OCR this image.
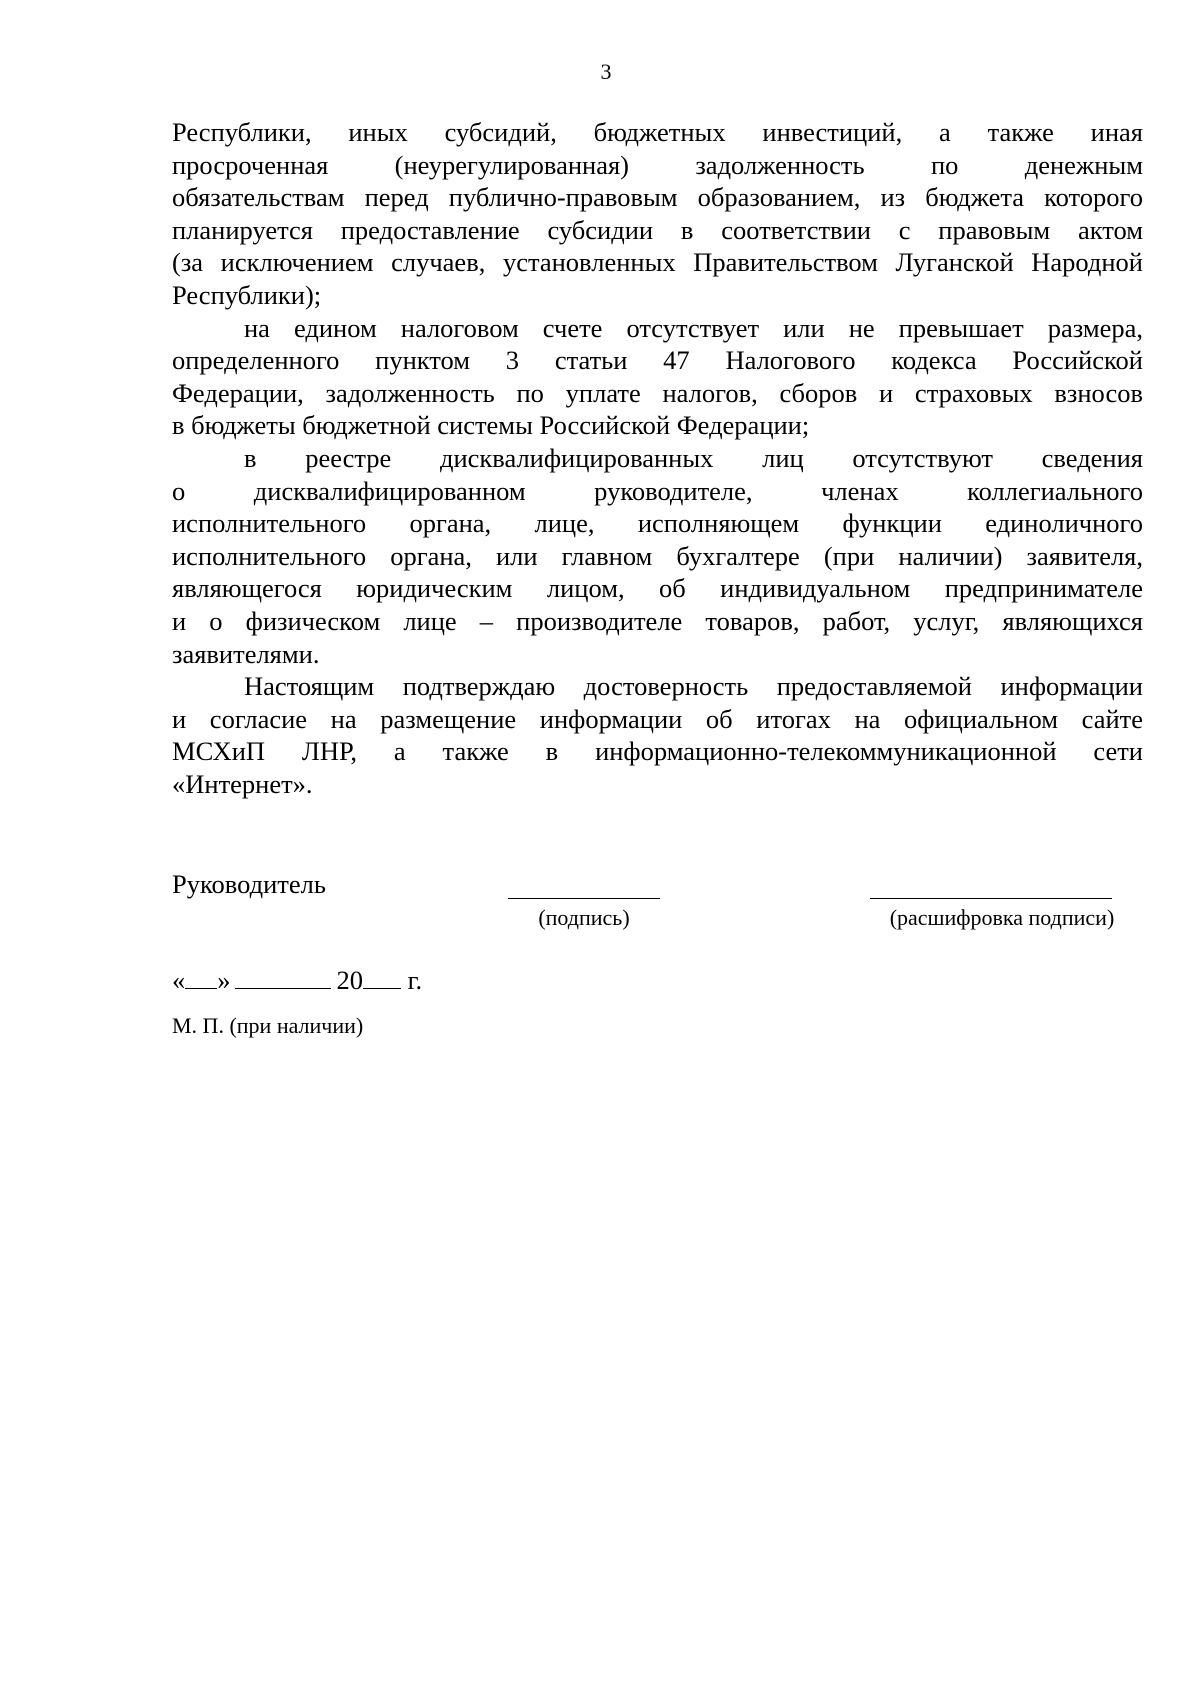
3

Республики, иных субсидий, бюджетных инвестиций, а также иная
просроченная (неурегулированная) задолженность по денежным
обязательствам перед публично-правовым образованием, из бюджета которого
планируется предоставление субсидии в соответствии с правовым актом
(за исключением случаев, установленных Правительством Луганской Народной
Республики);

на едином налоговом счете отсутствует или не превышает размера,
определенного пунктом 3 статьи 47 Налогового кодекса Российской
Федерации, задолженность по уплате налогов, сборов и страховых взносов
в бюджеты бюджетной системы Российской Федерации;

в реестре дисквалифицированных лиц отсутствуют сведения
о дисквалифицированном руководителе, членах коллегиального
исполнительного органа, лице, исполняющем функции единоличного
исполнительного органа, или главном бухгалтере (при наличии) заявителя,
являющегося юридическим лицом, об индивидуальном предпринимателе
и о физическом лице – производителе товаров, работ, услуг, являющихся
заявителями.

Настоящим подтверждаю достоверность предоставляемой информации
и согласие на размещение информации об итогах на официальном сайте
МСХиП ЛНР, а также в информационно-телекоммуникационной сети
«Интернет».

Руководитель
(подпись)	(расшифровка подписи)
« »	20 г.
М. П. (при наличии)
